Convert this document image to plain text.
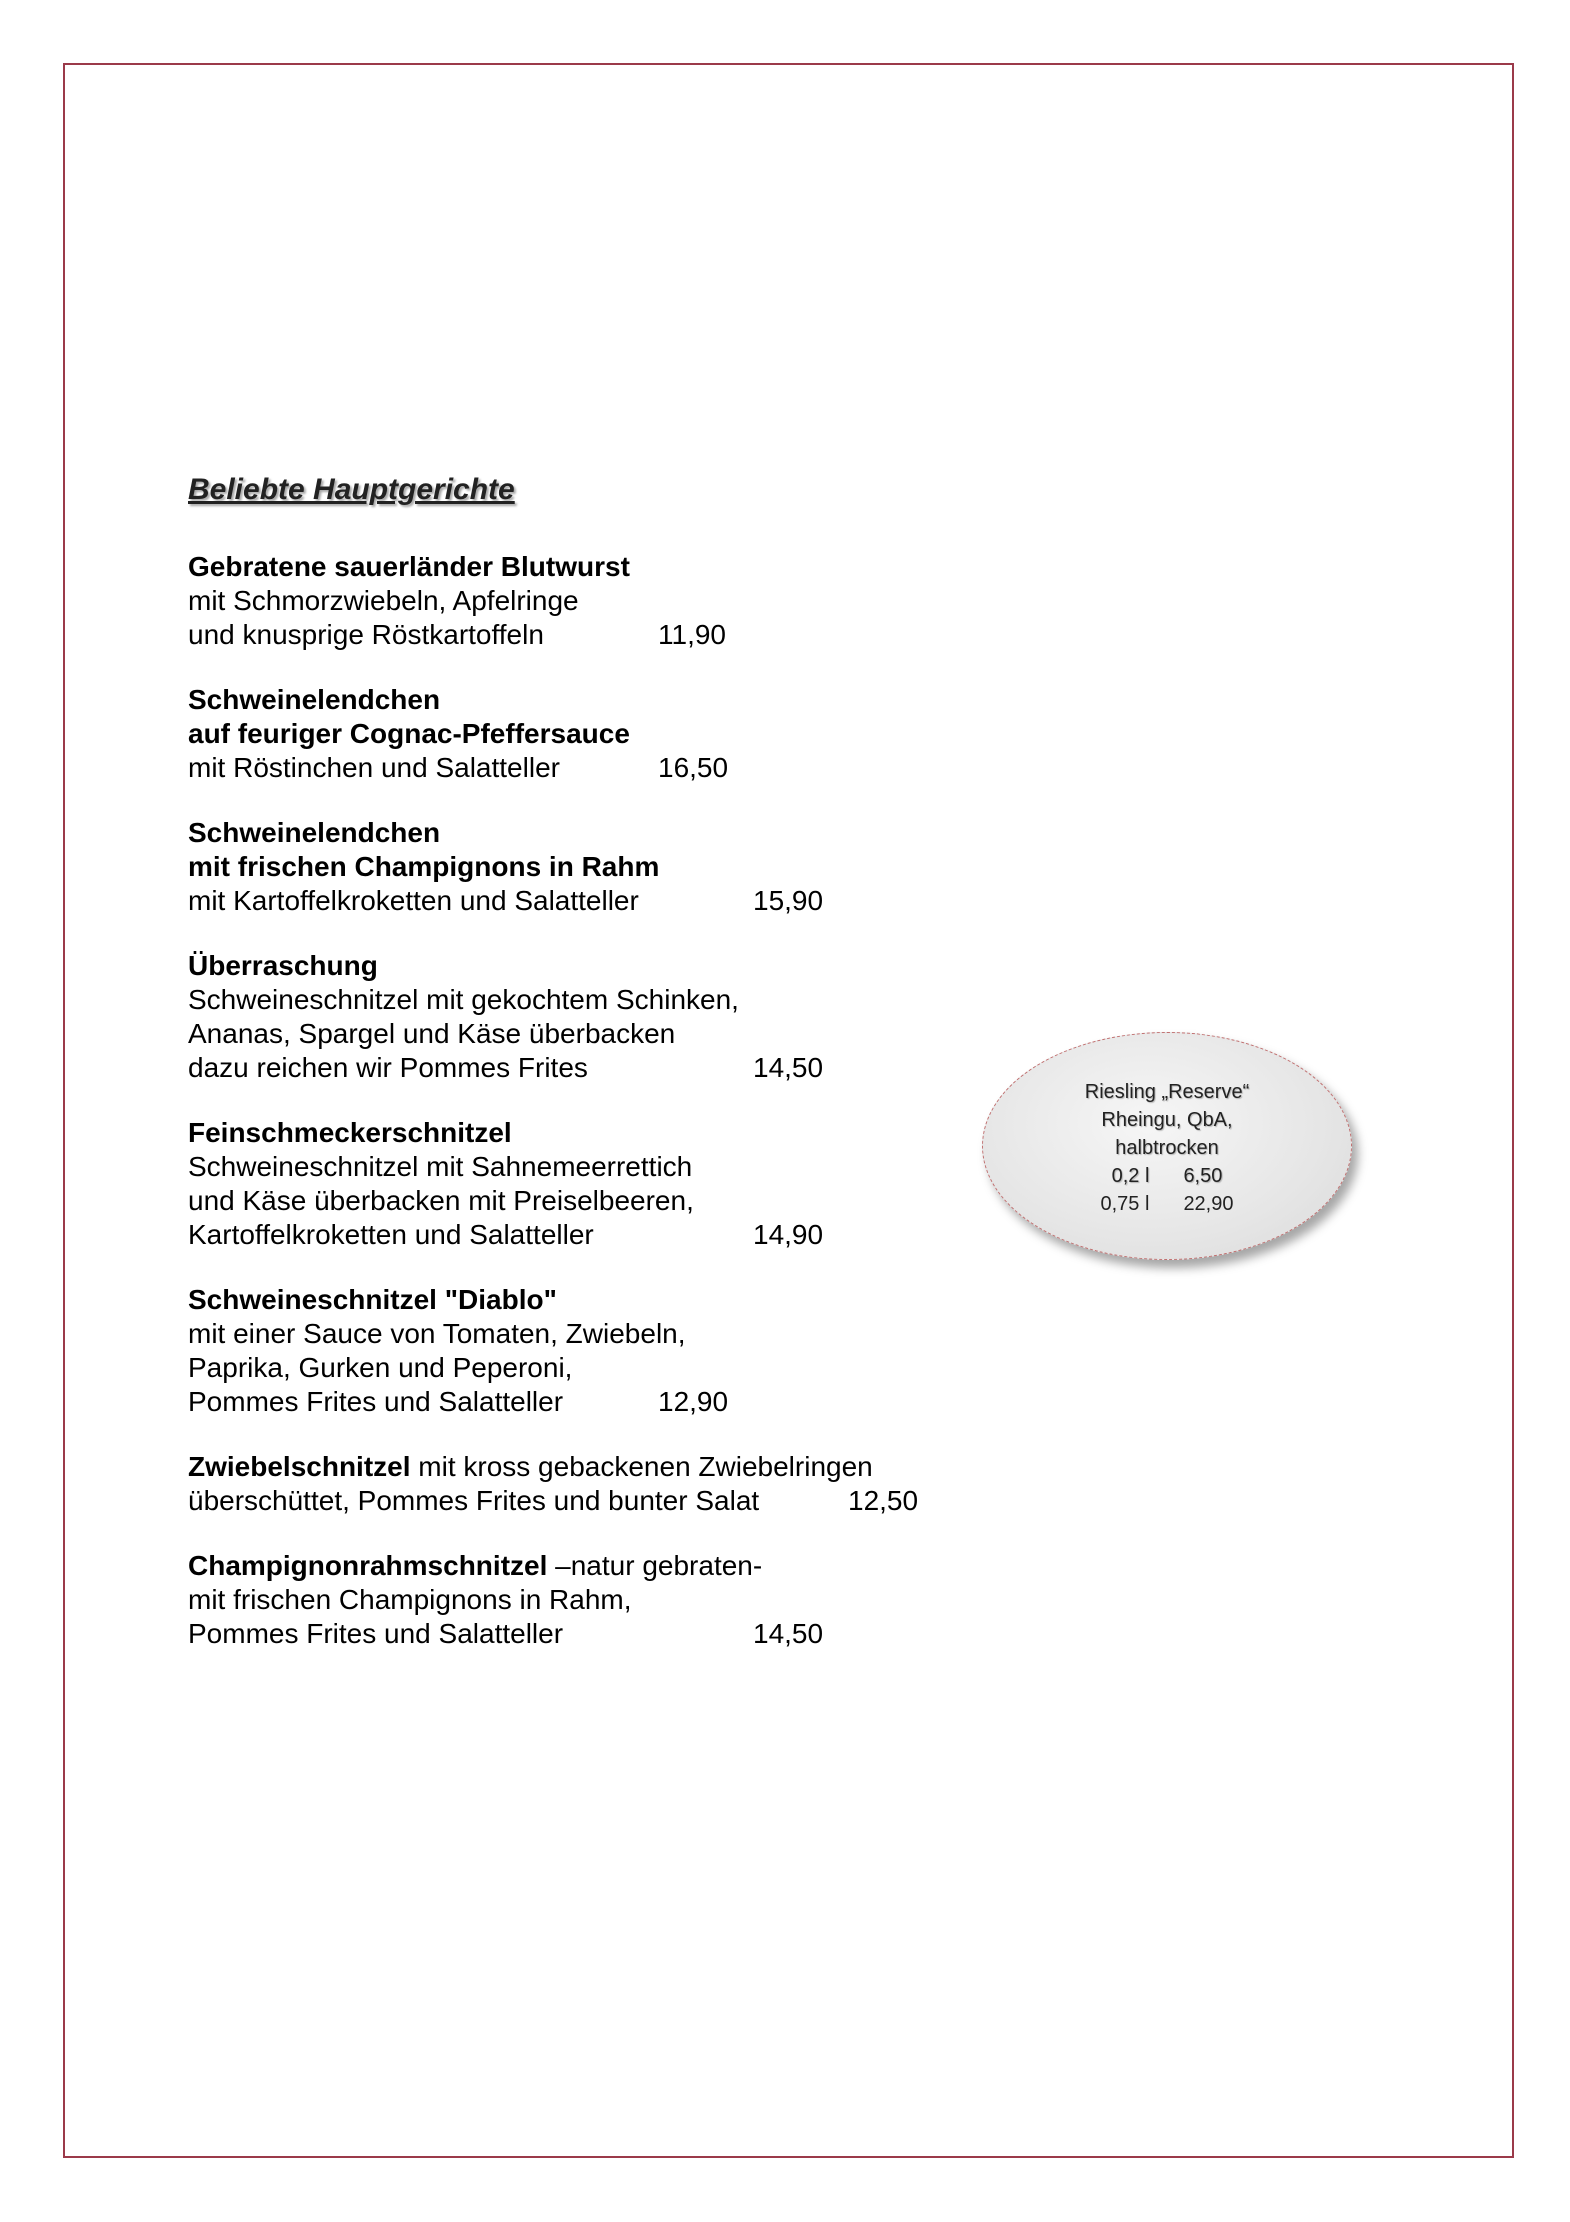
Beliebte Hauptgerichte
Gebratene sauerländer Blutwurst
mit Schmorzwiebeln, Apfelringe
und knusprige Röstkartoffeln	11,90
Schweinelendchen
auf feuriger Cognac-Pfeffersauce
mit Röstinchen und Salatteller	16,50
Schweinelendchen
mit frischen Champignons in Rahm
mit Kartoffelkroketten und Salatteller	15,90
Überraschung
Schweineschnitzel mit gekochtem Schinken,
Ananas, Spargel und Käse überbacken
dazu reichen wir Pommes Frites	14,50
Feinschmeckerschnitzel
Schweineschnitzel mit Sahnemeerrettich
und Käse überbacken mit Preiselbeeren,
Kartoffelkroketten und Salatteller	14,90
Schweineschnitzel "Diablo"
mit einer Sauce von Tomaten, Zwiebeln,
Paprika, Gurken und Peperoni,
Pommes Frites und Salatteller	12,90
Zwiebelschnitzel mit kross gebackenen Zwiebelringen
überschüttet, Pommes Frites und bunter Salat	12,50
Champignonrahmschnitzel –natur gebraten-
mit frischen Champignons in Rahm,
Pommes Frites und Salatteller	14,50
Riesling „Reserve“
Rheingu, QbA,
halbtrocken
0,2 l 6,50
0,75 l 22,90
